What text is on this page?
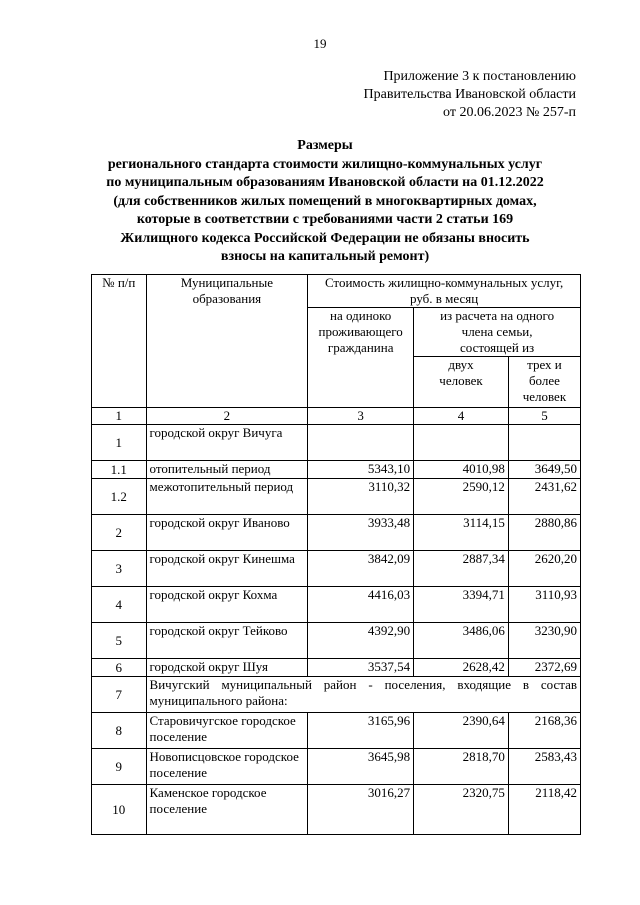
19
Приложение 3 к постановлению
Правительства Ивановской области
от 20.06.2023 № 257-п
Размеры
регионального стандарта стоимости жилищно-коммунальных услуг
по муниципальным образованиям Ивановской области на 01.12.2022
(для собственников жилых помещений в многоквартирных домах,
которые в соответствии с требованиями части 2 статьи 169
Жилищного кодекса Российской Федерации не обязаны вносить
взносы на капитальный ремонт)
№ п/п	Муниципальные образования	Стоимость жилищно-коммунальных услуг, руб. в месяц		
		на одиноко проживающего гражданина	из расчета на одного члена семьи, состоящей из	
			двух человек	трех и более человек
1	2	3	4	5
1	городской округ Вичуга			
1.1	отопительный период	5343,10	4010,98	3649,50
1.2	межотопительный период	3110,32	2590,12	2431,62
2	городской округ Иваново	3933,48	3114,15	2880,86
3	городской округ Кинешма	3842,09	2887,34	2620,20
4	городской округ Кохма	4416,03	3394,71	3110,93
5	городской округ Тейково	4392,90	3486,06	3230,90
6	городской округ Шуя	3537,54	2628,42	2372,69
7	Вичугский муниципальный район - поселения, входящие в состав муниципального района:			
8	Старовичугское городское поселение	3165,96	2390,64	2168,36
9	Новописцовское городское поселение	3645,98	2818,70	2583,43
10	Каменское городское поселение	3016,27	2320,75	2118,42
